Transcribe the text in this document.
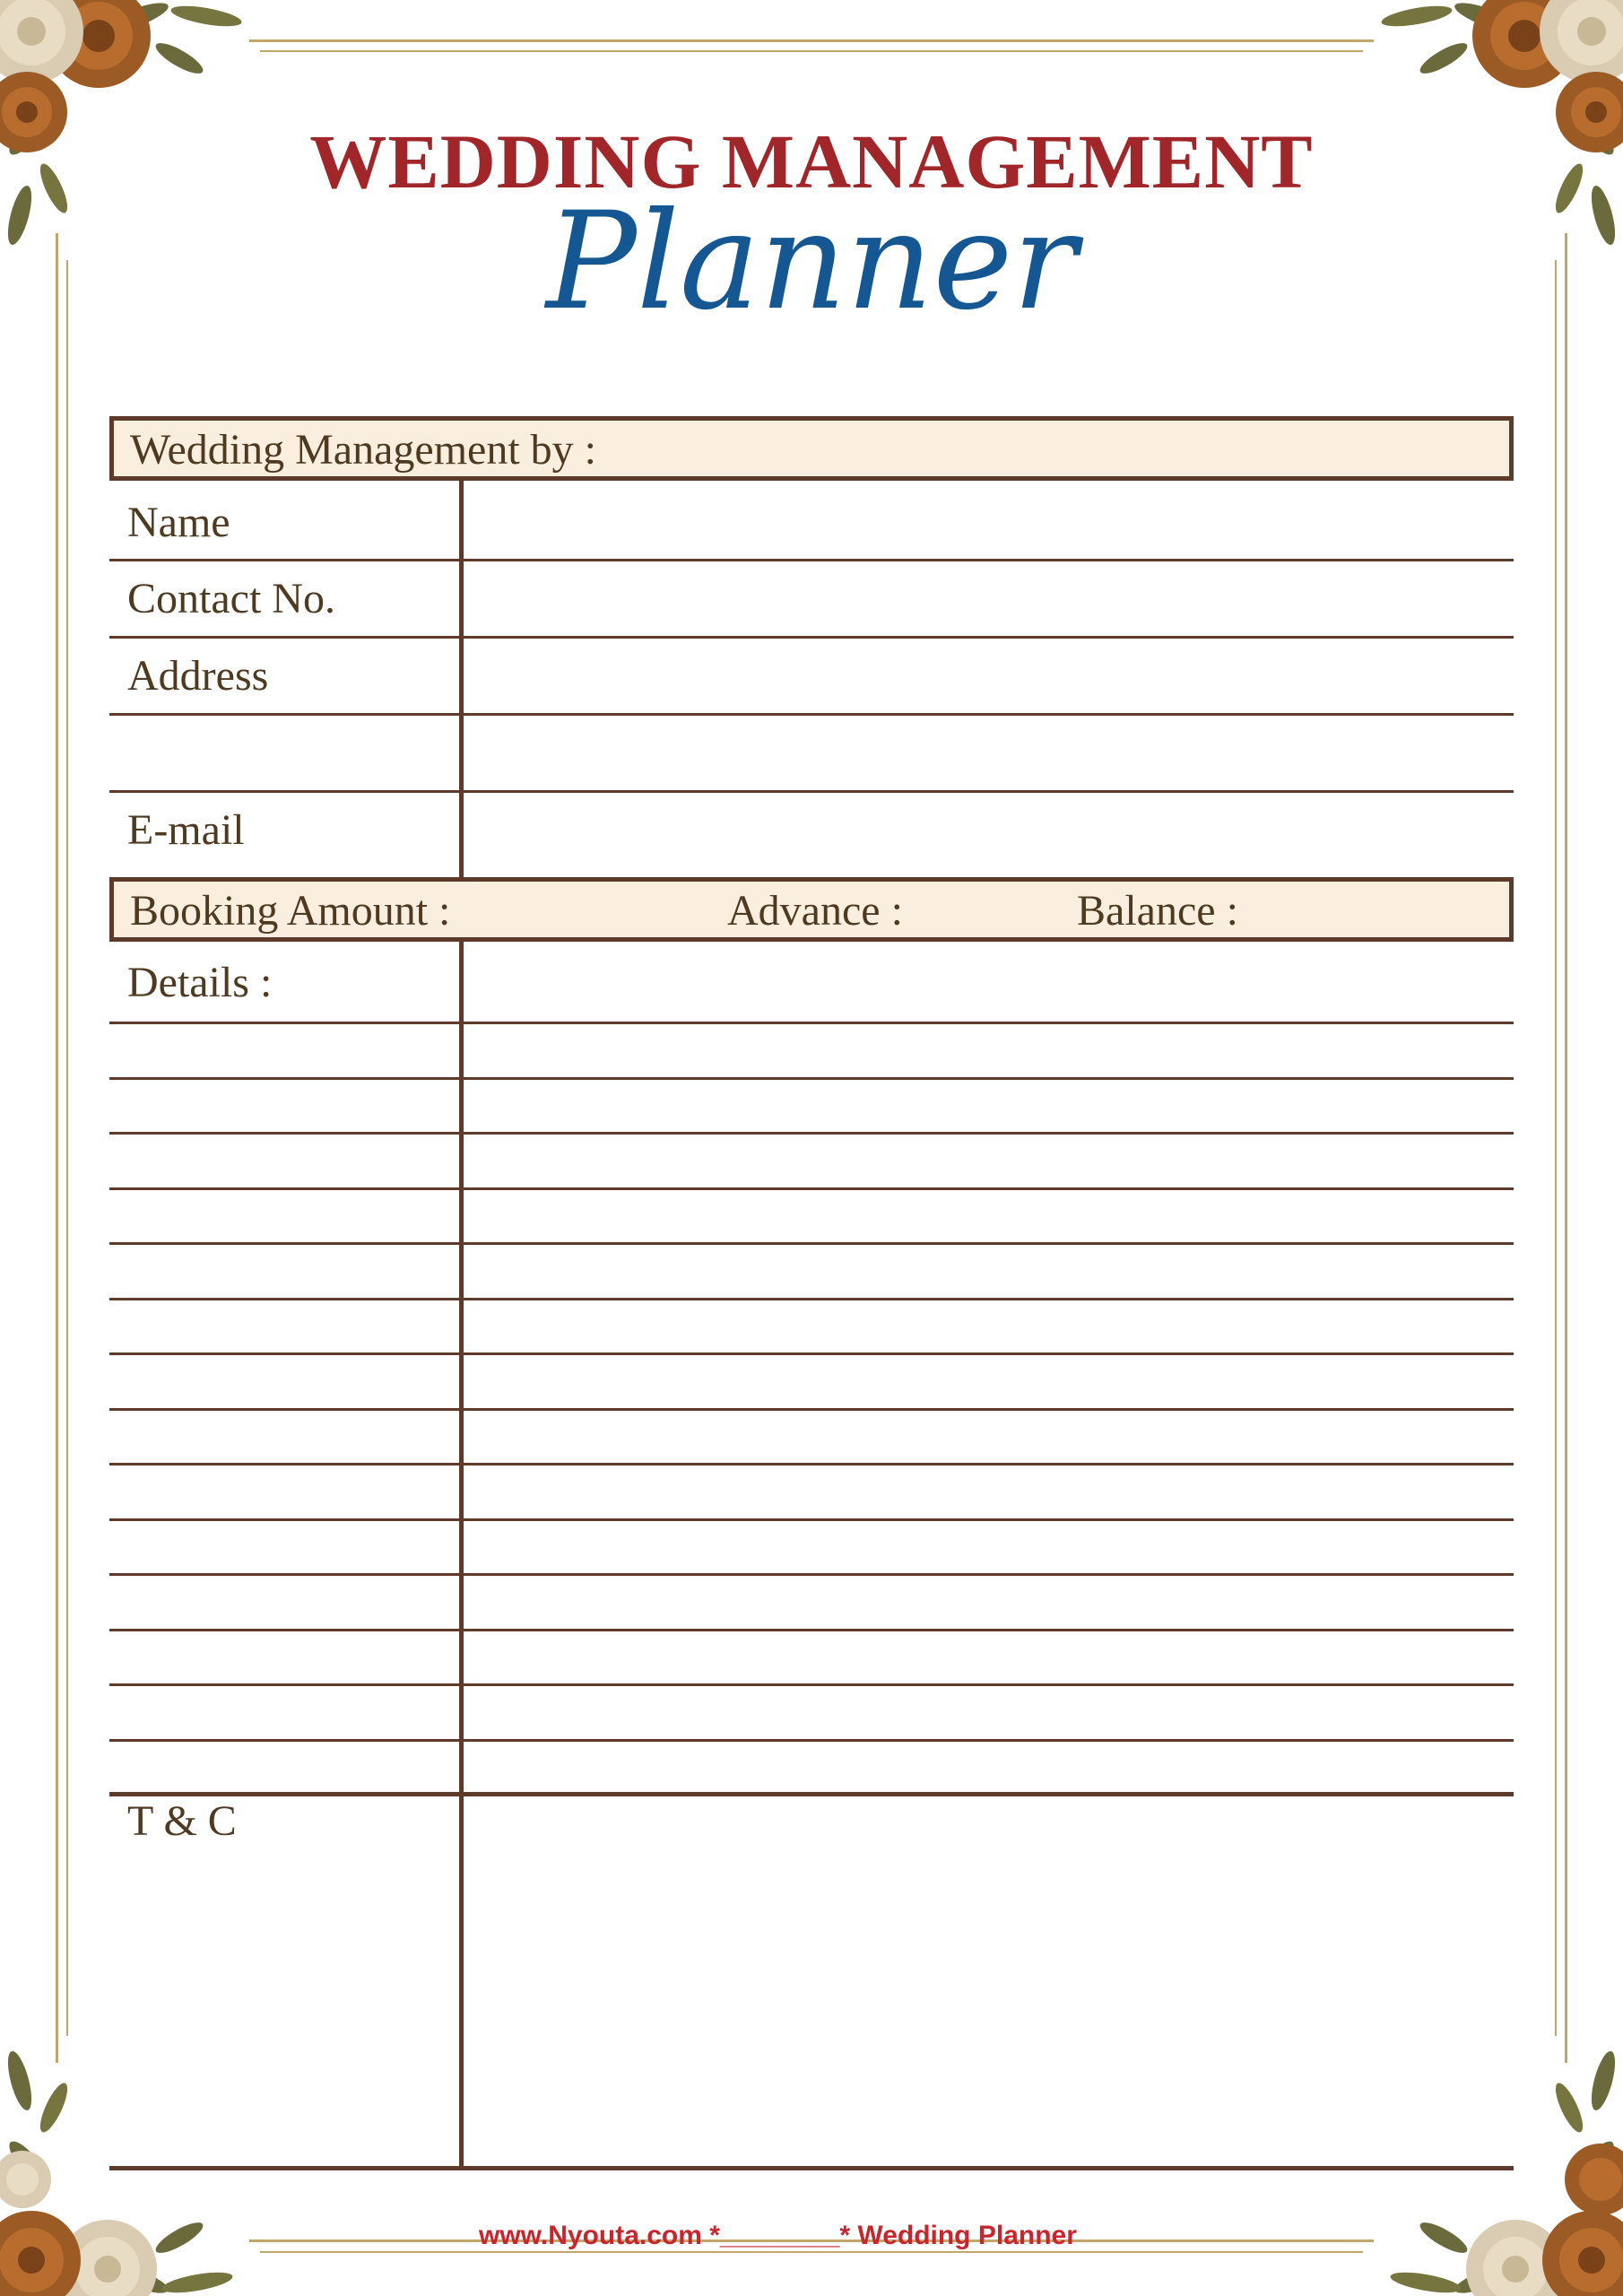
WEDDING MANAGEMENT
Planner
Wedding Management by :
Name
Contact No.
Address
E-mail
Booking Amount :	Advance :	Balance :
Details :
T & C
www.Nyouta.com *________* Wedding Planner
